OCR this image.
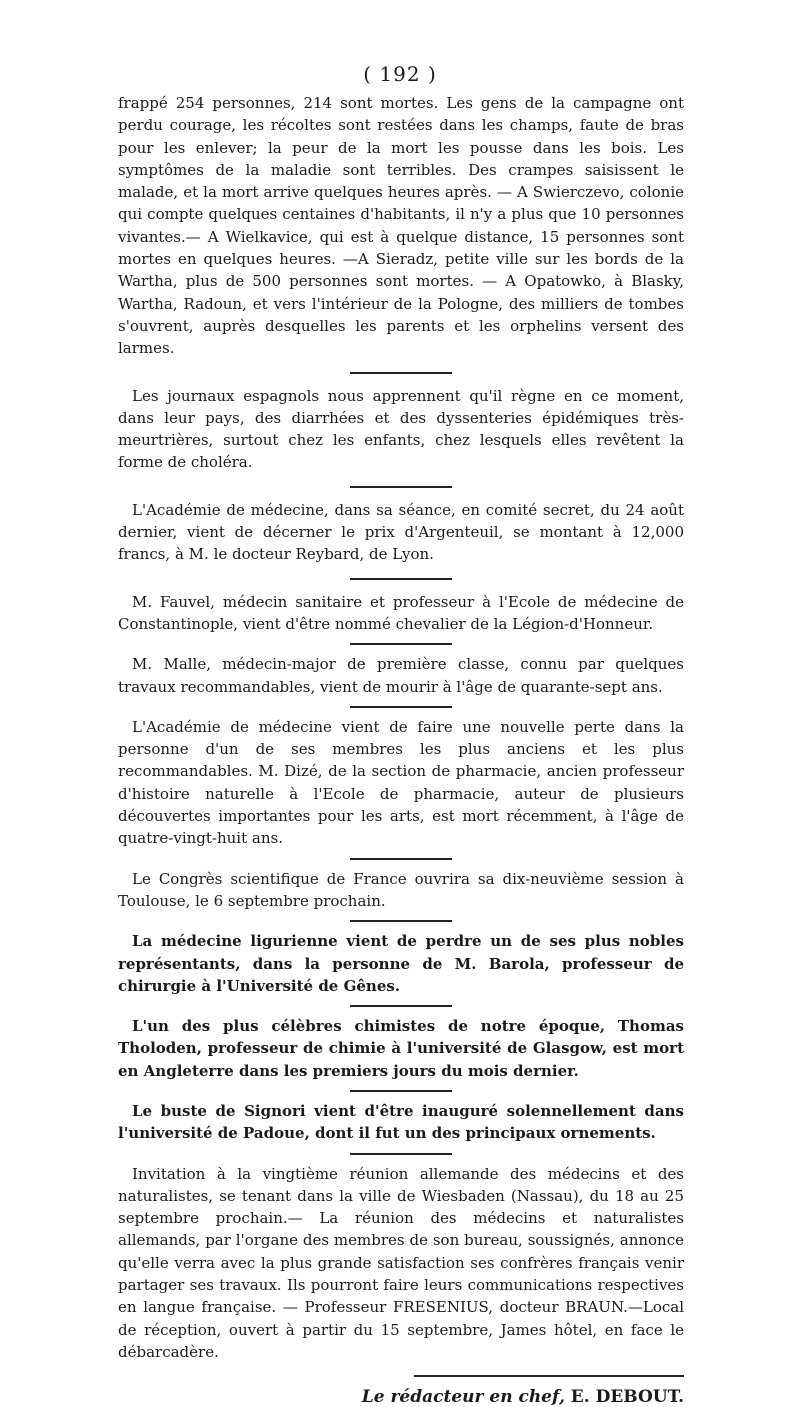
( 192 )

frappé 254 personnes, 214 sont mortes. Les gens de la campagne ont perdu courage, les récoltes sont restées dans les champs, faute de bras pour les enlever; la peur de la mort les pousse dans les bois. Les symptômes de la maladie sont terribles. Des crampes saisissent le malade, et la mort arrive quelques heures après. — A Swierczevo, colonie qui compte quelques centaines d'habitants, il n'y a plus que 10 personnes vivantes.— A Wielkavice, qui est à quelque distance, 15 personnes sont mortes en quelques heures. —A Sieradz, petite ville sur les bords de la Wartha, plus de 500 personnes sont mortes. — A Opatowko, à Blasky, Wartha, Radoun, et vers l'intérieur de la Pologne, des milliers de tombes s'ouvrent, auprès desquelles les parents et les orphelins versent des larmes.

Les journaux espagnols nous apprennent qu'il règne en ce moment, dans leur pays, des diarrhées et des dyssenteries épidémiques très-meurtrières, surtout chez les enfants, chez lesquels elles revêtent la forme de choléra.

L'Académie de médecine, dans sa séance, en comité secret, du 24 août dernier, vient de décerner le prix d'Argenteuil, se montant à 12,000 francs, à M. le docteur Reybard, de Lyon.

M. Fauvel, médecin sanitaire et professeur à l'Ecole de médecine de Constantinople, vient d'être nommé chevalier de la Légion-d'Honneur.

M. Malle, médecin-major de première classe, connu par quelques travaux recommandables, vient de mourir à l'âge de quarante-sept ans.

L'Académie de médecine vient de faire une nouvelle perte dans la personne d'un de ses membres les plus anciens et les plus recommandables. M. Dizé, de la section de pharmacie, ancien professeur d'histoire naturelle à l'Ecole de pharmacie, auteur de plusieurs découvertes importantes pour les arts, est mort récemment, à l'âge de quatre-vingt-huit ans.

Le Congrès scientifique de France ouvrira sa dix-neuvième session à Toulouse, le 6 septembre prochain.

La médecine ligurienne vient de perdre un de ses plus nobles représentants, dans la personne de M. Barola, professeur de chirurgie à l'Université de Gênes.

L'un des plus célèbres chimistes de notre époque, Thomas Tholoden, professeur de chimie à l'université de Glasgow, est mort en Angleterre dans les premiers jours du mois dernier.

Le buste de Signori vient d'être inauguré solennellement dans l'université de Padoue, dont il fut un des principaux ornements.

Invitation à la vingtième réunion allemande des médecins et des naturalistes, se tenant dans la ville de Wiesbaden (Nassau), du 18 au 25 septembre prochain.— La réunion des médecins et naturalistes allemands, par l'organe des membres de son bureau, soussignés, annonce qu'elle verra avec la plus grande satisfaction ses confrères français venir partager ses travaux. Ils pourront faire leurs communications respectives en langue française. — Professeur FRESENIUS, docteur BRAUN.—Local de réception, ouvert à partir du 15 septembre, James hôtel, en face le débarcadère.

Le rédacteur en chef, E. DEBOUT.
